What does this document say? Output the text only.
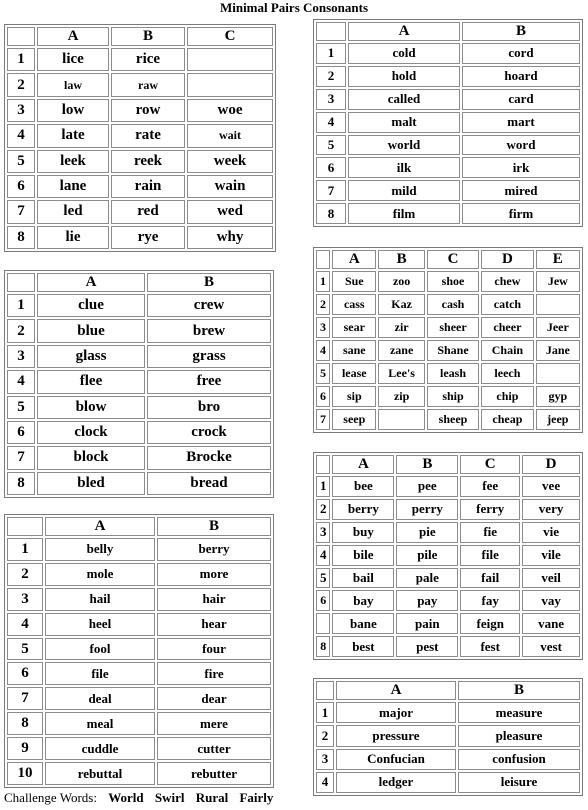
Minimal Pairs Consonants
	A	B	C
1	lice	rice	
2	law	raw	
3	low	row	woe
4	late	rate	wait
5	leek	reek	week
6	lane	rain	wain
7	led	red	wed
8	lie	rye	why
	A	B
1	clue	crew
2	blue	brew
3	glass	grass
4	flee	free
5	blow	bro
6	clock	crock
7	block	Brocke
8	bled	bread
	A	B
1	belly	berry
2	mole	more
3	hail	hair
4	heel	hear
5	fool	four
6	file	fire
7	deal	dear
8	meal	mere
9	cuddle	cutter
10	rebuttal	rebutter
Challenge Words: World Swirl Rural Fairly
	A	B
1	cold	cord
2	hold	hoard
3	called	card
4	malt	mart
5	world	word
6	ilk	irk
7	mild	mired
8	film	firm
	A	B	C	D	E
1	Sue	zoo	shoe	chew	Jew
2	cass	Kaz	cash	catch	
3	sear	zir	sheer	cheer	Jeer
4	sane	zane	Shane	Chain	Jane
5	lease	Lee's	leash	leech	
6	sip	zip	ship	chip	gyp
7	seep		sheep	cheap	jeep
	A	B	C	D
1	bee	pee	fee	vee
2	berry	perry	ferry	very
3	buy	pie	fie	vie
4	bile	pile	file	vile
5	bail	pale	fail	veil
6	bay	pay	fay	vay
	bane	pain	feign	vane
8	best	pest	fest	vest
	A	B
1	major	measure
2	pressure	pleasure
3	Confucian	confusion
4	ledger	leisure
